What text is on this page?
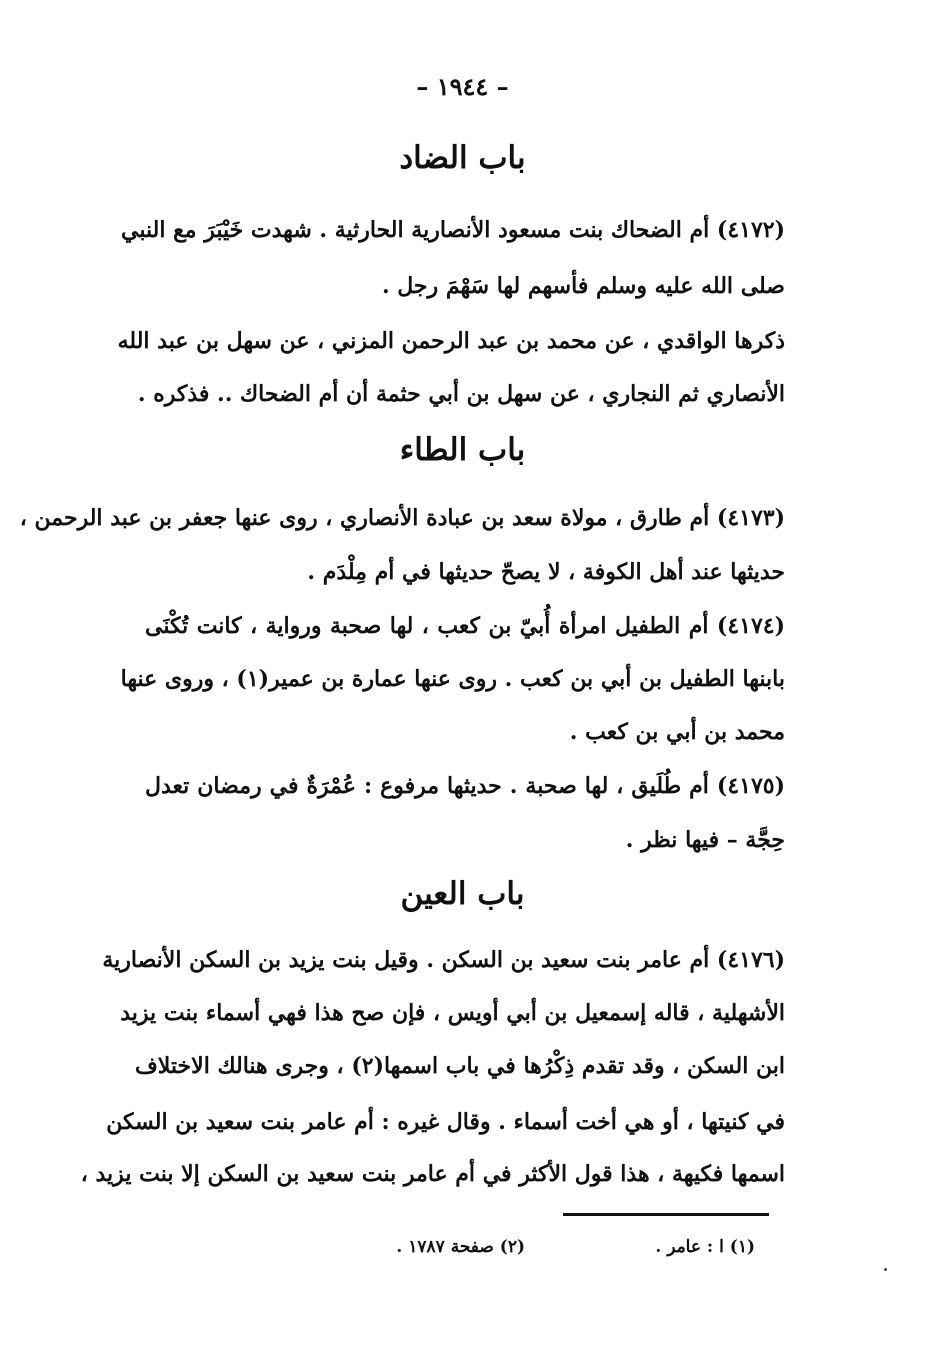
– ١٩٤٤ –
باب الضاد
(٤١٧٢) أم الضحاك بنت مسعود الأنصارية الحارثية . شهدت خَيْبَرَ مع النبي
صلى الله عليه وسلم فأسهم لها سَهْمَ رجل .
ذكرها الواقدي ، عن محمد بن عبد الرحمن المزني ، عن سهل بن عبد الله
الأنصاري ثم النجاري ، عن سهل بن أبي حثمة أن أم الضحاك .. فذكره .
باب الطاء
(٤١٧٣) أم طارق ، مولاة سعد بن عبادة الأنصاري ، روى عنها جعفر بن عبد الرحمن ،
حديثها عند أهل الكوفة ، لا يصحّ حديثها في أم مِلْدَم .
(٤١٧٤) أم الطفيل امرأة أُبيّ بن كعب ، لها صحبة ورواية ، كانت تُكْنَى
بابنها الطفيل بن أبي بن كعب . روى عنها عمارة بن عمير(١) ، وروى عنها
محمد بن أبي بن كعب .
(٤١٧٥) أم طُلَيق ، لها صحبة . حديثها مرفوع : عُمْرَةٌ في رمضان تعدل
حِجَّة – فيها نظر .
باب العين
(٤١٧٦) أم عامر بنت سعيد بن السكن . وقيل بنت يزيد بن السكن الأنصارية
الأشهلية ، قاله إسمعيل بن أبي أويس ، فإن صح هذا فهي أسماء بنت يزيد
ابن السكن ، وقد تقدم ذِكْرُها في باب اسمها(٢) ، وجرى هنالك الاختلاف
في كنيتها ، أو هي أخت أسماء . وقال غيره : أم عامر بنت سعيد بن السكن
اسمها فكيهة ، هذا قول الأكثر في أم عامر بنت سعيد بن السكن إلا بنت يزيد ،
(١) ا : عامر .
(٢) صفحة ١٧٨٧ .
